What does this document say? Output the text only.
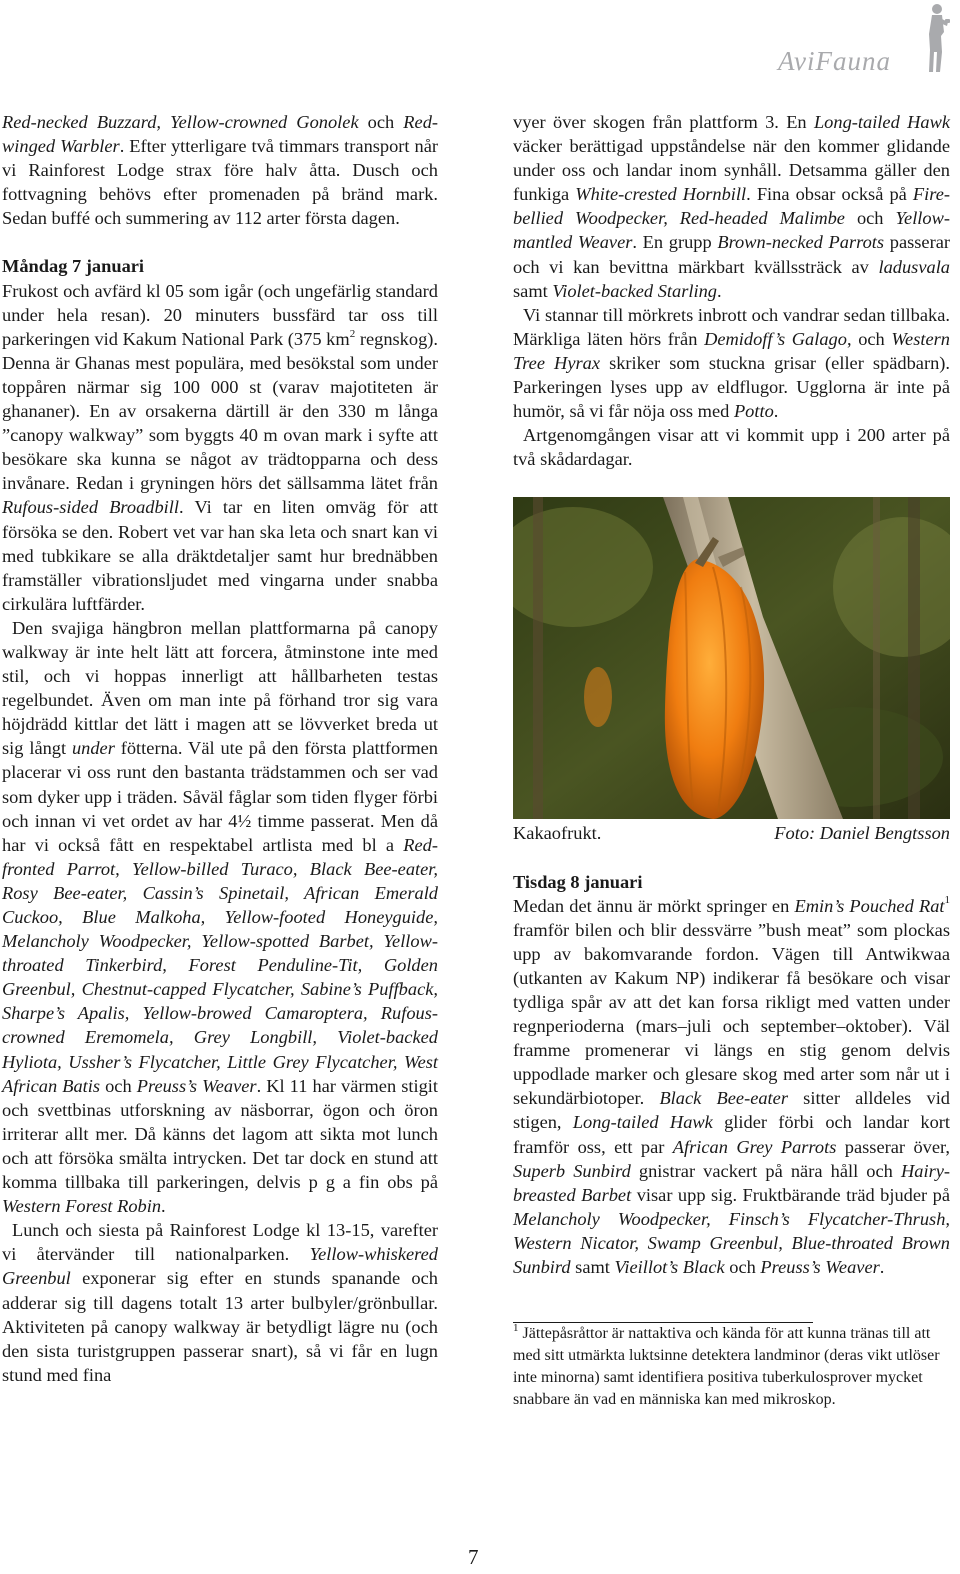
AviFauna

Red-necked Buzzard, Yellow-crowned Gonolek och Red-winged Warbler. Efter ytterligare två timmars transport når vi Rainforest Lodge strax före halv åtta. Dusch och fottvagning behövs efter promenaden på bränd mark. Sedan buffé och summering av 112 arter första dagen.

Måndag 7 januari

Frukost och avfärd kl 05 som igår (och ungefärlig standard under hela resan). 20 minuters bussfärd tar oss till parkeringen vid Kakum National Park (375 $km^2$ regnskog). Denna är Ghanas mest populära, med besökstal som under toppåren närmar sig 100 000 st (varav majotiteten är ghananer). En av orsakerna därtill är den 330 m långa ”canopy walkway” som byggts 40 m ovan mark i syfte att besökare ska kunna se något av trädtopparna och dess invånare. Redan i gryningen hörs det sällsamma lätet från Rufous-sided Broadbill. Vi tar en liten omväg för att försöka se den. Robert vet var han ska leta och snart kan vi med tubkikare se alla dräktdetaljer samt hur brednäbben framställer vibrationsljudet med vingarna under snabba cirkulära luftfärder.

Den svajiga hängbron mellan plattformarna på canopy walkway är inte helt lätt att forcera, åtminstone inte med stil, och vi hoppas innerligt att hållbarheten testas regelbundet. Även om man inte på förhand tror sig vara höjdrädd kittlar det lätt i magen att se lövverket breda ut sig långt under fötterna. Väl ute på den första plattformen placerar vi oss runt den bastanta trädstammen och ser vad som dyker upp i träden. Såväl fåglar som tiden flyger förbi och innan vi vet ordet av har 4½ timme passerat. Men då har vi också fått en respektabel artlista med bl a Red-fronted Parrot, Yellow-billed Turaco, Black Bee-eater, Rosy Bee-eater, Cassin’s Spinetail, African Emerald Cuckoo, Blue Malkoha, Yellow-footed Honeyguide, Melancholy Woodpecker, Yellow-spotted Barbet, Yellow-throated Tinkerbird, Forest Penduline-Tit, Golden Greenbul, Chestnut-capped Flycatcher, Sabine’s Puffback, Sharpe’s Apalis, Yellow-browed Camaroptera, Rufous-crowned Eremomela, Grey Longbill, Violet-backed Hyliota, Ussher’s Flycatcher, Little Grey Flycatcher, West African Batis och Preuss’s Weaver. Kl 11 har värmen stigit och svettbinas utforskning av näsborrar, ögon och öron irriterar allt mer. Då känns det lagom att sikta mot lunch och att försöka smälta intrycken. Det tar dock en stund att komma tillbaka till parkeringen, delvis p g a fin obs på Western Forest Robin.

Lunch och siesta på Rainforest Lodge kl 13-15, varefter vi återvänder till nationalparken. Yellow-whiskered Greenbul exponerar sig efter en stunds spanande och adderar sig till dagens totalt 13 arter bulbyler/grönbullar. Aktiviteten på canopy walkway är betydligt lägre nu (och den sista turistgruppen passerar snart), så vi får en lugn stund med fina

vyer över skogen från plattform 3. En Long-tailed Hawk väcker berättigad uppståndelse när den kommer glidande under oss och landar inom synhåll. Detsamma gäller den funkiga White-crested Hornbill. Fina obsar också på Fire-bellied Woodpecker, Red-headed Malimbe och Yellow-mantled Weaver. En grupp Brown-necked Parrots passerar och vi kan bevittna märkbart kvällssträck av ladusvala samt Violet-backed Starling.

Vi stannar till mörkrets inbrott och vandrar sedan tillbaka. Märkliga läten hörs från Demidoff’s Galago, och Western Tree Hyrax skriker som stuckna grisar (eller spädbarn). Parkeringen lyses upp av eldflugor. Ugglorna är inte på humör, så vi får nöja oss med Potto.

Artgenomgången visar att vi kommit upp i 200 arter på två skådardagar.

Kakaofrukt.	Foto: Daniel Bengtsson

Tisdag 8 januari

Medan det ännu är mörkt springer en Emin’s Pouched Rat$^1$ framför bilen och blir dessvärre ”bush meat” som plockas upp av bakomvarande fordon. Vägen till Antwikwaa (utkanten av Kakum NP) indikerar få besökare och visar tydliga spår av att det kan forsa rikligt med vatten under regnperioderna (mars–juli och september–oktober). Väl framme promenerar vi längs en stig genom delvis uppodlade marker och glesare skog med arter som når ut i sekundärbiotoper. Black Bee-eater sitter alldeles vid stigen, Long-tailed Hawk glider förbi och landar kort framför oss, ett par African Grey Parrots passerar över, Superb Sunbird gnistrar vackert på nära håll och Hairy-breasted Barbet visar upp sig. Fruktbärande träd bjuder på Melancholy Woodpecker, Finsch’s Flycatcher-Thrush, Western Nicator, Swamp Greenbul, Blue-throated Brown Sunbird samt Vieillot’s Black och Preuss’s Weaver.

$^1$ Jättepåsråttor är nattaktiva och kända för att kunna tränas till att med sitt utmärkta luktsinne detektera landminor (deras vikt utlöser inte minorna) samt identifiera positiva tuberkulosprover mycket snabbare än vad en människa kan med mikroskop.

7
